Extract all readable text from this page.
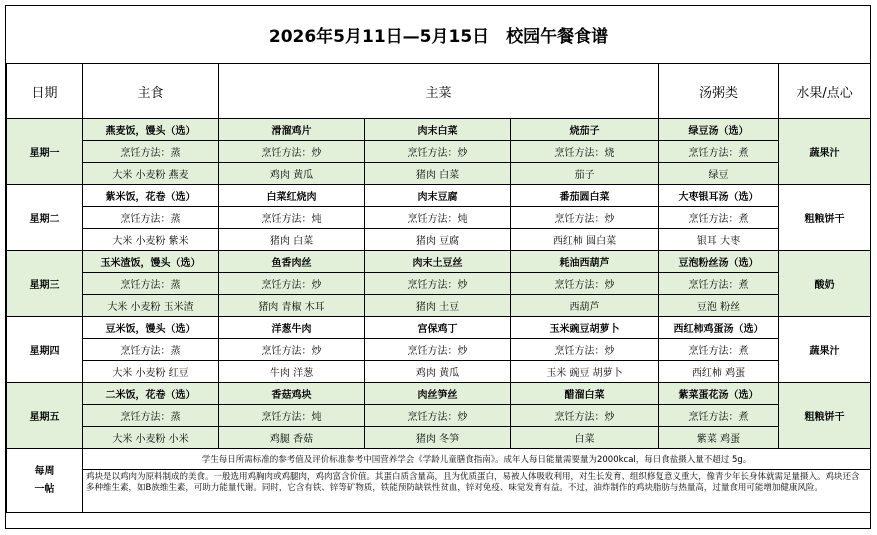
2026年5月11日—5月15日　校园午餐食谱						
日期	主食	主菜			汤粥类	水果/点心
星期一	燕麦饭，馒头（选）	滑溜鸡片	肉末白菜	烧茄子	绿豆汤（选）	蔬果汁
	烹饪方法：蒸	烹饪方法：炒	烹饪方法：炒	烹饪方法：烧	烹饪方法：煮	
	大米 小麦粉 燕麦	鸡肉 黄瓜	猪肉 白菜	茄子	绿豆	
星期二	紫米饭，花卷（选）	白菜红烧肉	肉末豆腐	番茄圆白菜	大枣银耳汤（选）	粗粮饼干
	烹饪方法：蒸	烹饪方法：炖	烹饪方法：炖	烹饪方法：炒	烹饪方法：煮	
	大米 小麦粉 紫米	猪肉 白菜	猪肉 豆腐	西红柿 圆白菜	银耳 大枣	
星期三	玉米渣饭，馒头（选）	鱼香肉丝	肉末土豆丝	耗油西葫芦	豆泡粉丝汤（选）	酸奶
	烹饪方法：蒸	烹饪方法：炒	烹饪方法：炒	烹饪方法：炒	烹饪方法：煮	
	大米 小麦粉 玉米渣	猪肉 青椒 木耳	猪肉 土豆	西葫芦	豆泡 粉丝	
星期四	豆米饭，馒头（选）	洋葱牛肉	宫保鸡丁	玉米豌豆胡萝卜	西红柿鸡蛋汤（选）	蔬果汁
	烹饪方法：蒸	烹饪方法：炒	烹饪方法：炒	烹饪方法：炒	烹饪方法：煮	
	大米 小麦粉 红豆	牛肉 洋葱	鸡肉 黄瓜	玉米 豌豆 胡萝卜	西红柿 鸡蛋	
星期五	二米饭，花卷（选）	香菇鸡块	肉丝笋丝	醋溜白菜	紫菜蛋花汤（选）	粗粮饼干
	烹饪方法：蒸	烹饪方法：炖	烹饪方法：炒	烹饪方法：炒	烹饪方法：煮	
	大米 小麦粉 小米	鸡腿 香菇	猪肉 冬笋	白菜	紫菜 鸡蛋	
每周
一帖	学生每日所需标准的参考值及评价标准参考中国营养学会《学龄儿童膳食指南》。成年人每日能量需要量为2000kcal，每日食盐摄入量不超过 5g。					
	鸡块是以鸡肉为原料制成的美食。一般选用鸡胸肉或鸡腿肉，鸡肉富含价值。其蛋白质含量高，且为优质蛋白，易被人体吸收利用，对生长发育、组织修复意义重大，像青少年长身体就需足量摄入。鸡块还含多种维生素，如B族维生素，可助力能量代谢。同时，它含有铁、锌等矿物质，铁能预防缺铁性贫血，锌对免疫、味觉发育有益。不过，油炸制作的鸡块脂肪与热量高，过量食用可能增加健康风险。					
